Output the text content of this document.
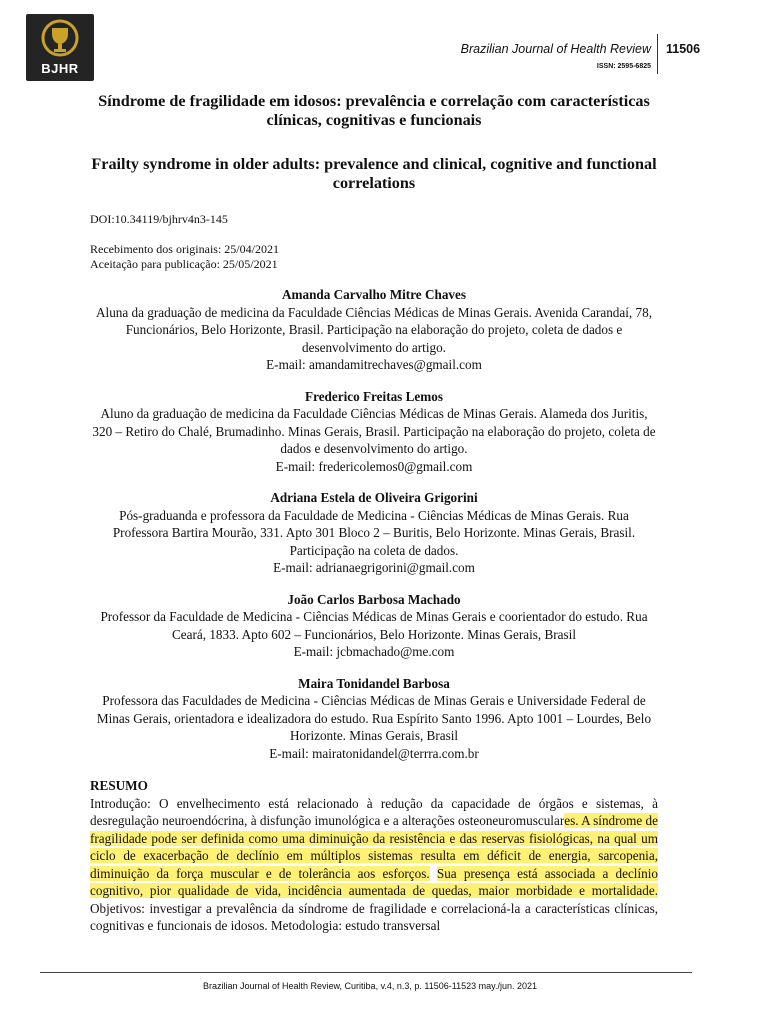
BJHR
Brazilian Journal of Health Review 11506
ISSN: 2595-6825
Síndrome de fragilidade em idosos: prevalência e correlação com características clínicas, cognitivas e funcionais
Frailty syndrome in older adults: prevalence and clinical, cognitive and functional correlations

DOI:10.34119/bjhrv4n3-145

Recebimento dos originais: 25/04/2021

Aceitação para publicação: 25/05/2021

Amanda Carvalho Mitre Chaves
Aluna da graduação de medicina da Faculdade Ciências Médicas de Minas Gerais. Avenida Carandaí, 78, Funcionários, Belo Horizonte, Brasil. Participação na elaboração do projeto, coleta de dados e desenvolvimento do artigo.
E-mail: amandamitrechaves@gmail.com
Frederico Freitas Lemos
Aluno da graduação de medicina da Faculdade Ciências Médicas de Minas Gerais. Alameda dos Juritis, 320 – Retiro do Chalé, Brumadinho. Minas Gerais, Brasil. Participação na elaboração do projeto, coleta de dados e desenvolvimento do artigo.
E-mail: fredericolemos0@gmail.com
Adriana Estela de Oliveira Grigorini
Pós-graduanda e professora da Faculdade de Medicina - Ciências Médicas de Minas Gerais. Rua Professora Bartira Mourão, 331. Apto 301 Bloco 2 – Buritis, Belo Horizonte. Minas Gerais, Brasil. Participação na coleta de dados.
E-mail: adrianaegrigorini@gmail.com
João Carlos Barbosa Machado
Professor da Faculdade de Medicina - Ciências Médicas de Minas Gerais e coorientador do estudo. Rua Ceará, 1833. Apto 602 – Funcionários, Belo Horizonte. Minas Gerais, Brasil
E-mail: jcbmachado@me.com
Maira Tonidandel Barbosa
Professora das Faculdades de Medicina - Ciências Médicas de Minas Gerais e Universidade Federal de Minas Gerais, orientadora e idealizadora do estudo. Rua Espírito Santo 1996. Apto 1001 – Lourdes, Belo Horizonte. Minas Gerais, Brasil
E-mail: mairatonidandel@terrra.com.br
RESUMO
Introdução: O envelhecimento está relacionado à redução da capacidade de órgãos e sistemas, à desregulação neuroendócrina, à disfunção imunológica e a alterações osteoneuromusculares. A síndrome de fragilidade pode ser definida como uma diminuição da resistência e das reservas fisiológicas, na qual um ciclo de exacerbação de declínio em múltiplos sistemas resulta em déficit de energia, sarcopenia, diminuição da força muscular e de tolerância aos esforços. Sua presença está associada a declínio cognitivo, pior qualidade de vida, incidência aumentada de quedas, maior morbidade e mortalidade. Objetivos: investigar a prevalência da síndrome de fragilidade e correlacioná-la a características clínicas, cognitivas e funcionais de idosos. Metodologia: estudo transversal
Brazilian Journal of Health Review, Curitiba, v.4, n.3, p. 11506-11523 may./jun. 2021
